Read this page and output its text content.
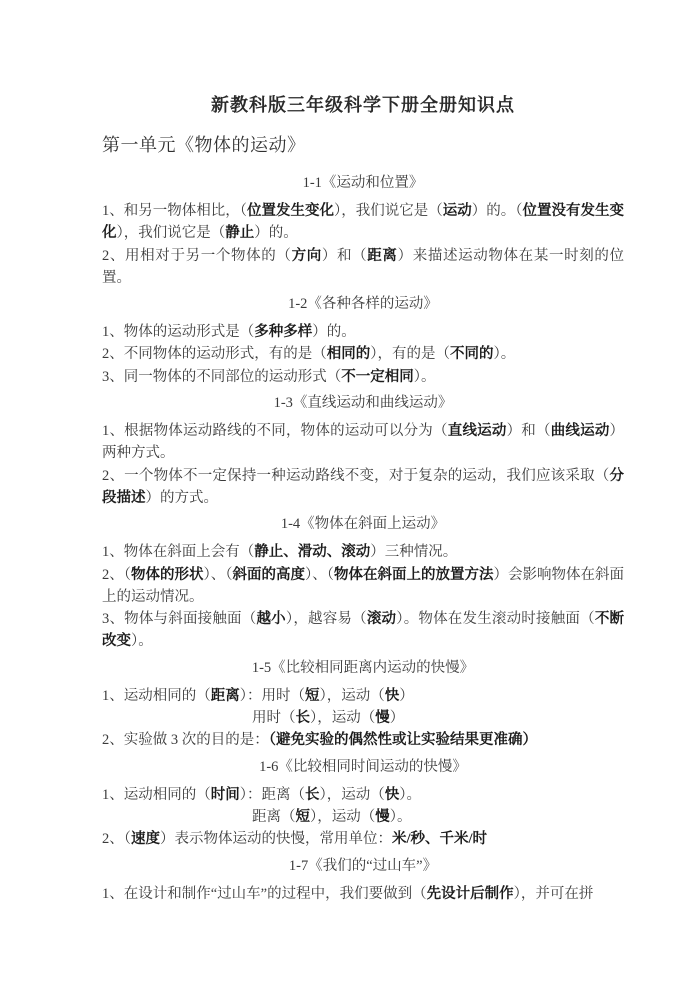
新教科版三年级科学下册全册知识点
第一单元《物体的运动》
1-1《运动和位置》

1、和另一物体相比，（位置发生变化），我们说它是（运动）的。（位置没有发生变化），我们说它是（静止）的。

2、用相对于另一个物体的（方向）和（距离）来描述运动物体在某一时刻的位置。

1-2《各种各样的运动》

1、物体的运动形式是（多种多样）的。

2、不同物体的运动形式，有的是（相同的），有的是（不同的）。

3、同一物体的不同部位的运动形式（不一定相同）。

1-3《直线运动和曲线运动》

1、根据物体运动路线的不同，物体的运动可以分为（直线运动）和（曲线运动）两种方式。

2、一个物体不一定保持一种运动路线不变，对于复杂的运动，我们应该采取（分段描述）的方式。

1-4《物体在斜面上运动》

1、物体在斜面上会有（静止、滑动、滚动）三种情况。

2、（物体的形状）、（斜面的高度）、（物体在斜面上的放置方法）会影响物体在斜面上的运动情况。

3、物体与斜面接触面（越小），越容易（滚动）。物体在发生滚动时接触面（不断改变）。

1-5《比较相同距离内运动的快慢》

1、运动相同的（距离）：用时（短），运动（快）

用时（长），运动（慢）

2、实验做 3 次的目的是：（避免实验的偶然性或让实验结果更准确）

1-6《比较相同时间运动的快慢》

1、运动相同的（时间）：距离（长），运动（快）。

距离（短），运动（慢）。

2、（速度）表示物体运动的快慢，常用单位：米/秒、千米/时

1-7《我们的“过山车”》

1、在设计和制作“过山车”的过程中，我们要做到（先设计后制作），并可在拼
